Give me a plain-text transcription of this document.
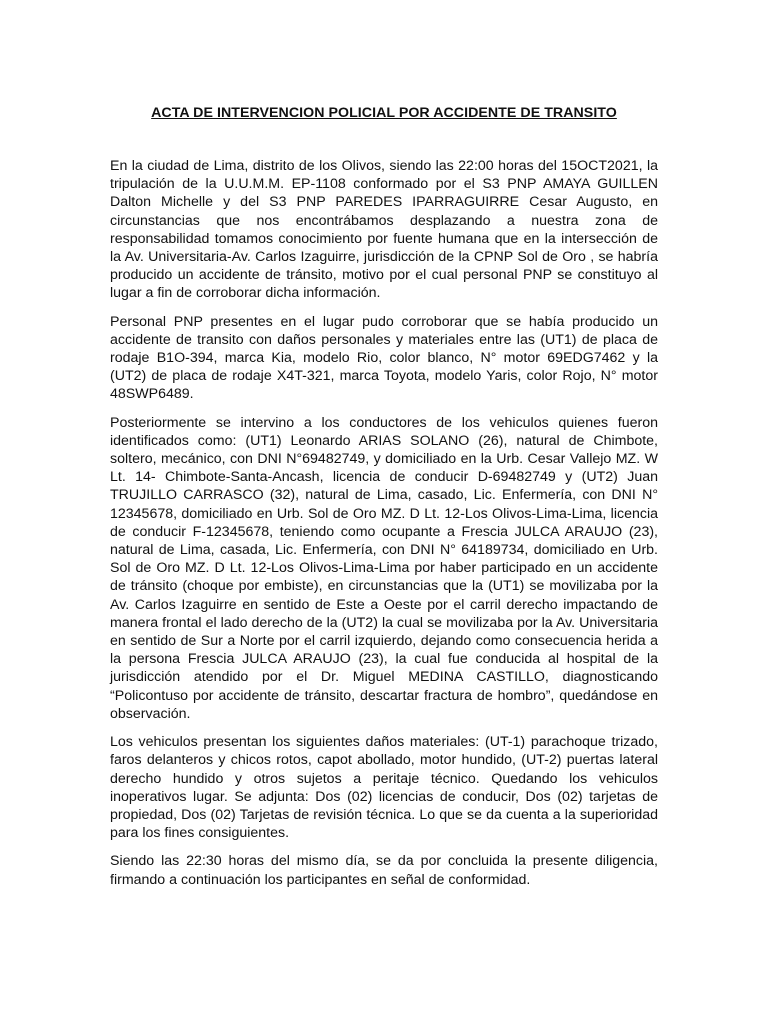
ACTA DE INTERVENCION POLICIAL POR ACCIDENTE DE TRANSITO

En la ciudad de Lima, distrito de los Olivos, siendo las 22:00 horas del 15OCT2021, la tripulación de la U.U.M.M. EP-1108 conformado por el S3 PNP AMAYA GUILLEN Dalton Michelle y del S3 PNP PAREDES IPARRAGUIRRE Cesar Augusto, en circunstancias que nos encontrábamos desplazando a nuestra zona de responsabilidad tomamos conocimiento por fuente humana que en la intersección de la Av. Universitaria-Av. Carlos Izaguirre, jurisdicción de la CPNP Sol de Oro , se habría producido un accidente de tránsito, motivo por el cual personal PNP se constituyo al lugar a fin de corroborar dicha información.

Personal PNP presentes en el lugar pudo corroborar que se había producido un accidente de transito con daños personales y materiales entre las (UT1) de placa de rodaje B1O-394, marca Kia, modelo Rio, color blanco, N° motor 69EDG7462 y la (UT2) de placa de rodaje X4T-321, marca Toyota, modelo Yaris, color Rojo, N° motor 48SWP6489.

Posteriormente se intervino a los conductores de los vehiculos quienes fueron identificados como: (UT1) Leonardo ARIAS SOLANO (26), natural de Chimbote, soltero, mecánico, con DNI N°69482749, y domiciliado en la Urb. Cesar Vallejo MZ. W Lt. 14- Chimbote-Santa-Ancash, licencia de conducir D-69482749 y (UT2) Juan TRUJILLO CARRASCO (32), natural de Lima, casado, Lic. Enfermería, con DNI N° 12345678, domiciliado en Urb. Sol de Oro MZ. D Lt. 12-Los Olivos-Lima-Lima, licencia de conducir F-12345678, teniendo como ocupante a Frescia JULCA ARAUJO (23), natural de Lima, casada, Lic. Enfermería, con DNI N° 64189734, domiciliado en Urb. Sol de Oro MZ. D Lt. 12-Los Olivos-Lima-Lima por haber participado en un accidente de tránsito (choque por embiste), en circunstancias que la (UT1) se movilizaba por la Av. Carlos Izaguirre en sentido de Este a Oeste por el carril derecho impactando de manera frontal el lado derecho de la (UT2) la cual se movilizaba por la Av. Universitaria en sentido de Sur a Norte por el carril izquierdo, dejando como consecuencia herida a la persona Frescia JULCA ARAUJO (23), la cual fue conducida al hospital de la jurisdicción atendido por el Dr. Miguel MEDINA CASTILLO, diagnosticando “Policontuso por accidente de tránsito, descartar fractura de hombro”, quedándose en observación.

Los vehiculos presentan los siguientes daños materiales: (UT-1) parachoque trizado, faros delanteros y chicos rotos, capot abollado, motor hundido, (UT-2) puertas lateral derecho hundido y otros sujetos a peritaje técnico. Quedando los vehiculos inoperativos lugar. Se adjunta: Dos (02) licencias de conducir, Dos (02) tarjetas de propiedad, Dos (02) Tarjetas de revisión técnica. Lo que se da cuenta a la superioridad para los fines consiguientes.

Siendo las 22:30 horas del mismo día, se da por concluida la presente diligencia, firmando a continuación los participantes en señal de conformidad.
